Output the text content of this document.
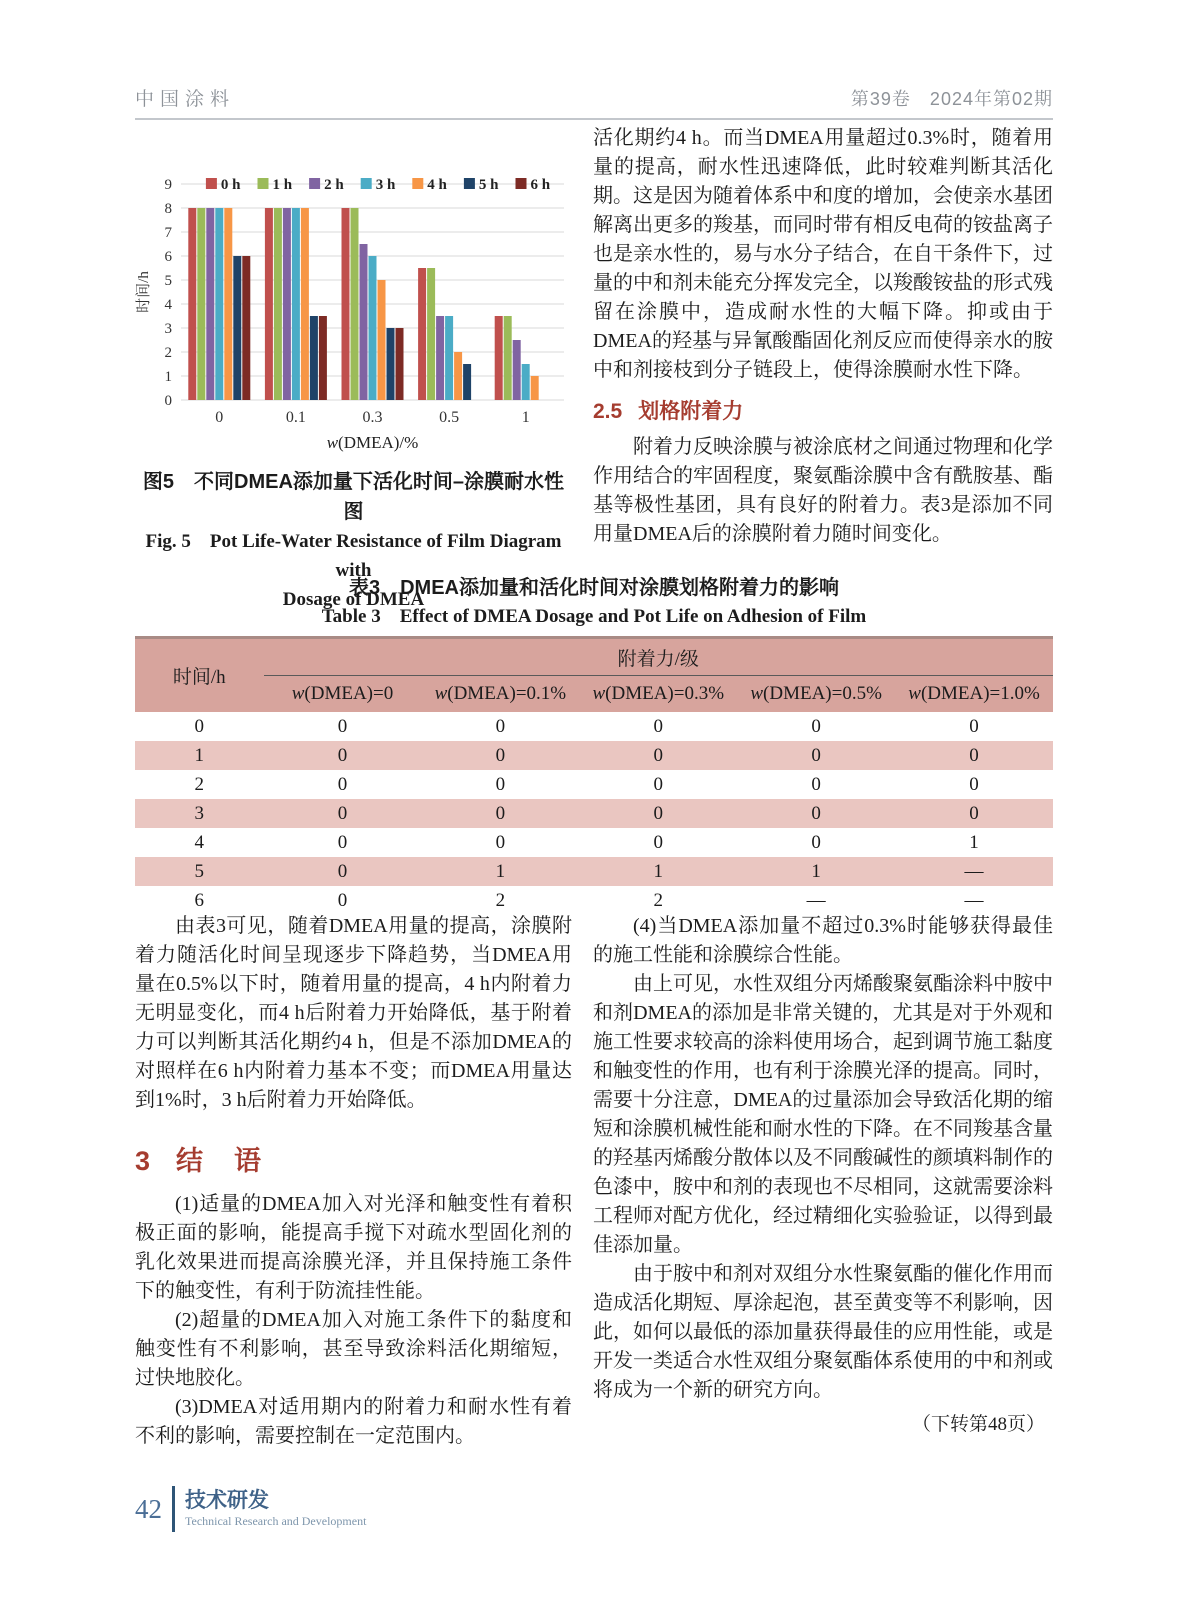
中国涂料	第39卷　2024年第02期
0
1
2
3
4
5
6
7
8
9
时间/h
0	0.1	0.3	0.5	1
w(DMEA)/%
0 h 1 h 2 h 3 h 4 h 5 h 6 h
图5　不同DMEA添加量下活化时间–涂膜耐水性图
Fig. 5　Pot Life-Water Resistance of Film Diagram with
Dosage of DMEA

活化期约4 h。而当DMEA用量超过0.3%时，随着用量的提高，耐水性迅速降低，此时较难判断其活化期。这是因为随着体系中和度的增加，会使亲水基团解离出更多的羧基，而同时带有相反电荷的铵盐离子也是亲水性的，易与水分子结合，在自干条件下，过量的中和剂未能充分挥发完全，以羧酸铵盐的形式残留在涂膜中，造成耐水性的大幅下降。抑或由于DMEA的羟基与异氰酸酯固化剂反应而使得亲水的胺中和剂接枝到分子链段上，使得涂膜耐水性下降。

2.5 划格附着力

附着力反映涂膜与被涂底材之间通过物理和化学作用结合的牢固程度，聚氨酯涂膜中含有酰胺基、酯基等极性基团，具有良好的附着力。表3是添加不同用量DMEA后的涂膜附着力随时间变化。

表3　DMEA添加量和活化时间对涂膜划格附着力的影响
Table 3　Effect of DMEA Dosage and Pot Life on Adhesion of Film
时间/h	附着力/级				
	w(DMEA)=0	w(DMEA)=0.1%	w(DMEA)=0.3%	w(DMEA)=0.5%	w(DMEA)=1.0%
0	0	0	0	0	0
1	0	0	0	0	0
2	0	0	0	0	0
3	0	0	0	0	0
4	0	0	0	0	1
5	0	1	1	1	—
6	0	2	2	—	—

由表3可见，随着DMEA用量的提高，涂膜附着力随活化时间呈现逐步下降趋势，当DMEA用量在0.5%以下时，随着用量的提高，4 h内附着力无明显变化，而4 h后附着力开始降低，基于附着力可以判断其活化期约4 h，但是不添加DMEA的对照样在6 h内附着力基本不变；而DMEA用量达到1%时，3 h后附着力开始降低。

3 结　语

(1)适量的DMEA加入对光泽和触变性有着积极正面的影响，能提高手搅下对疏水型固化剂的乳化效果进而提高涂膜光泽，并且保持施工条件下的触变性，有利于防流挂性能。

(2)超量的DMEA加入对施工条件下的黏度和触变性有不利影响，甚至导致涂料活化期缩短，过快地胶化。

(3)DMEA对适用期内的附着力和耐水性有着不利的影响，需要控制在一定范围内。

(4)当DMEA添加量不超过0.3%时能够获得最佳的施工性能和涂膜综合性能。

由上可见，水性双组分丙烯酸聚氨酯涂料中胺中和剂DMEA的添加是非常关键的，尤其是对于外观和施工性要求较高的涂料使用场合，起到调节施工黏度和触变性的作用，也有利于涂膜光泽的提高。同时，需要十分注意，DMEA的过量添加会导致活化期的缩短和涂膜机械性能和耐水性的下降。在不同羧基含量的羟基丙烯酸分散体以及不同酸碱性的颜填料制作的色漆中，胺中和剂的表现也不尽相同，这就需要涂料工程师对配方优化，经过精细化实验验证，以得到最佳添加量。

由于胺中和剂对双组分水性聚氨酯的催化作用而造成活化期短、厚涂起泡，甚至黄变等不利影响，因此，如何以最低的添加量获得最佳的应用性能，或是开发一类适合水性双组分聚氨酯体系使用的中和剂或将成为一个新的研究方向。

（下转第48页）
42 技术研发
Technical Research and Development
